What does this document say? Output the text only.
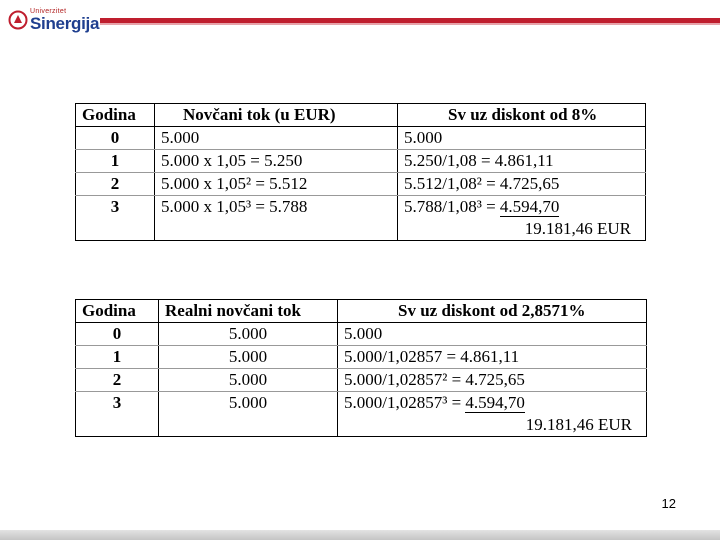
Univerzitet
Sinergija
Godina	Novčani tok (u EUR)	Sv uz diskont od 8%
0	5.000	5.000
1	5.000 x 1,05 = 5.250	5.250/1,08 = 4.861,11
2	5.000 x 1,05² = 5.512	5.512/1,08² = 4.725,65
3	5.000 x 1,05³ = 5.788	5.788/1,08³ = 4.594,70
		19.181,46 EUR
Godina	Realni novčani tok	Sv uz diskont od 2,8571%
0	5.000	5.000
1	5.000	5.000/1,02857 = 4.861,11
2	5.000	5.000/1,02857² = 4.725,65
3	5.000	5.000/1,02857³ = 4.594,70
		19.181,46 EUR
12
